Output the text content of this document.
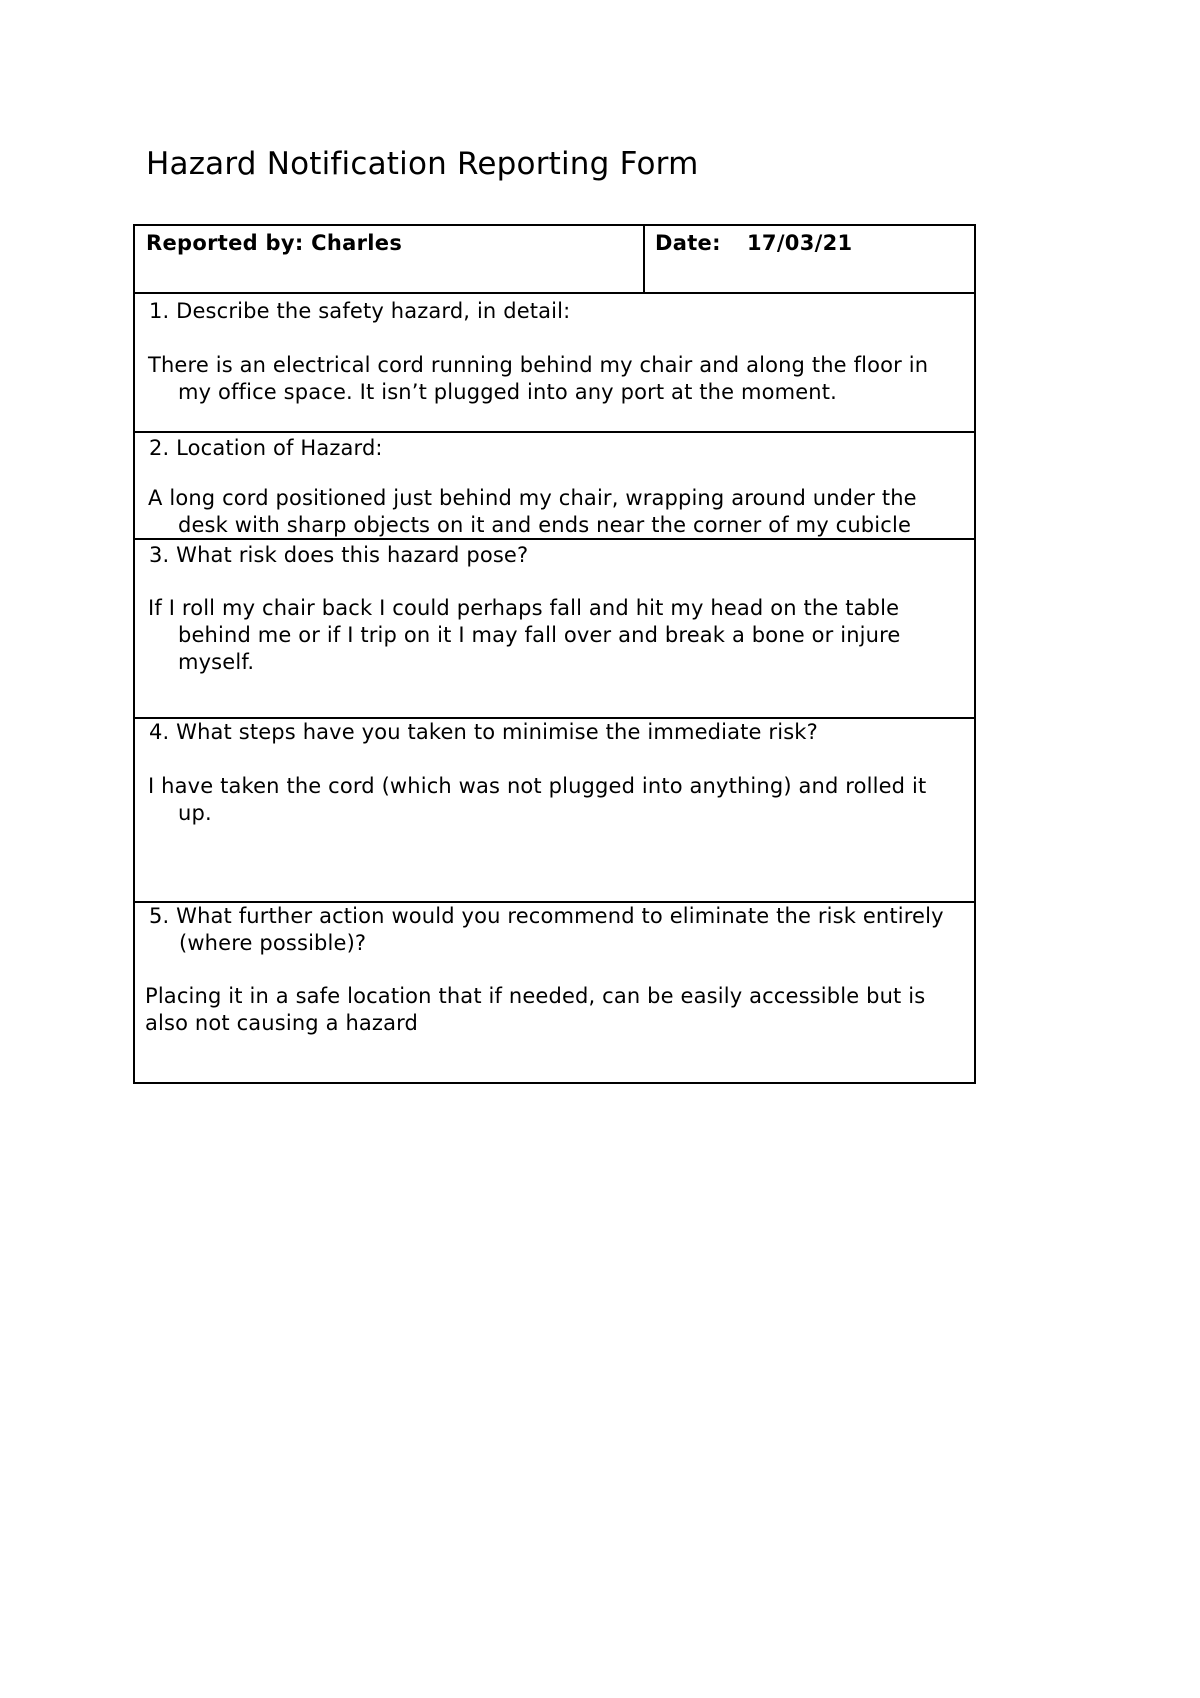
Hazard Notification Reporting Form
Reported by: Charles	Date: 17/03/21
1. Describe the safety hazard, in detail:
There is an electrical cord running behind my chair and along the floor in my office space. It isn’t plugged into any port at the moment.
2. Location of Hazard:
A long cord positioned just behind my chair, wrapping around under the desk with sharp objects on it and ends near the corner of my cubicle
3. What risk does this hazard pose?
If I roll my chair back I could perhaps fall and hit my head on the table behind me or if I trip on it I may fall over and break a bone or injure myself.
4. What steps have you taken to minimise the immediate risk?
I have taken the cord (which was not plugged into anything) and rolled it up.
5. What further action would you recommend to eliminate the risk entirely (where possible)?
Placing it in a safe location that if needed, can be easily accessible but is also not causing a hazard
